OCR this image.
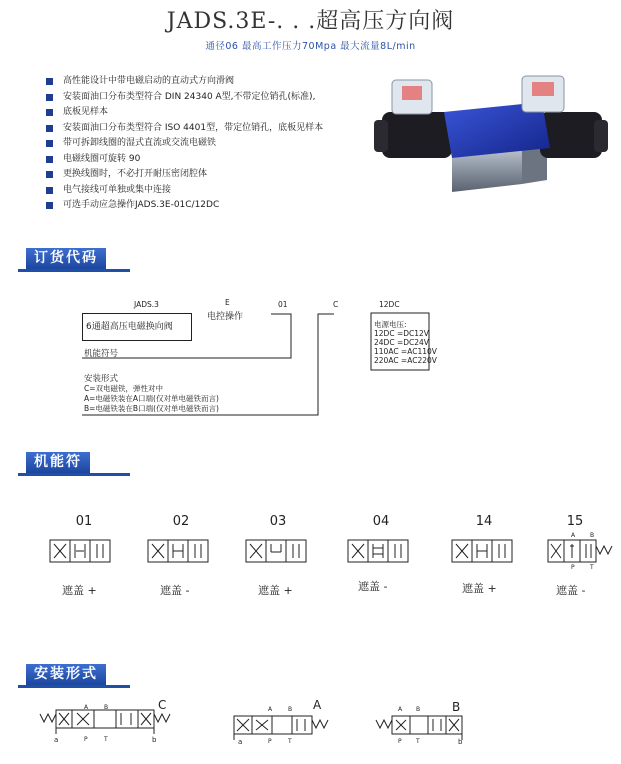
JADS.3E-. . .超高压方向阀
通径06 最高工作压力70Mpa 最大流量8L/min
高性能设计中带电磁启动的直动式方向滑阀
安装面油口分布类型符合 DIN 24340 A型,不带定位销孔(标准),
底板见样本
安装面油口分布类型符合 ISO 4401型，带定位销孔，底板见样本
带可拆卸线圈的湿式直流或交流电磁铁
电磁线圈可旋转 90
更换线圈时，不必打开耐压密闭腔体
电气接线可单独或集中连接
可选手动应急操作JADS.3E-01C/12DC
订货代码
JADS.3	E	01	C	12DC
6通超高压电磁换向阀
电控操作
机能符号
安装形式
C=双电磁铁，弹性对中
A=电磁铁装在A口端(仅对单电磁铁而言)
B=电磁铁装在B口端(仅对单电磁铁而言)
电源电压:
12DC =DC12V
24DC =DC24V
110AC =AC110V
220AC =AC220V
机能符
01	02	03	04	14	15
A B
P	T
遮盖 +	遮盖 -	遮盖 +	遮盖 -	遮盖 +	遮盖 -
安装形式
C	A	B
A	B
P	T
a	b
A	B
P	T
a
A B
P T	b
